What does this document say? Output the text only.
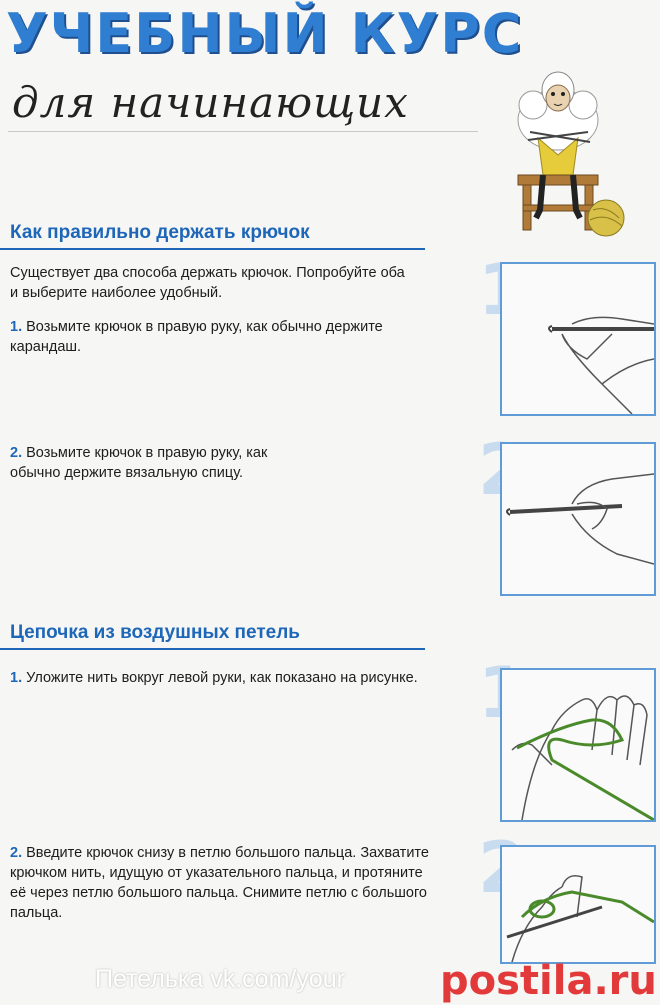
УЧЕБНЫЙ КУРС
для начинающих
Как правильно держать крючок
Существует два способа держать крючок. Попробуйте оба и выберите наиболее удобный.
1. Возьмите крючок в правую руку, как обычно держите карандаш.
2. Возьмите крючок в правую руку, как обычно держите вязальную спицу.
1
2
Цепочка из воздушных петель
1. Уложите нить вокруг левой руки, как показано на рисунке.
2. Введите крючок снизу в петлю большого пальца. Захватите крючком нить, идущую от указательного пальца, и протяните её через петлю большого пальца. Снимите петлю с большого пальца.
1
2
Петелька vk.com/your postila.ru
